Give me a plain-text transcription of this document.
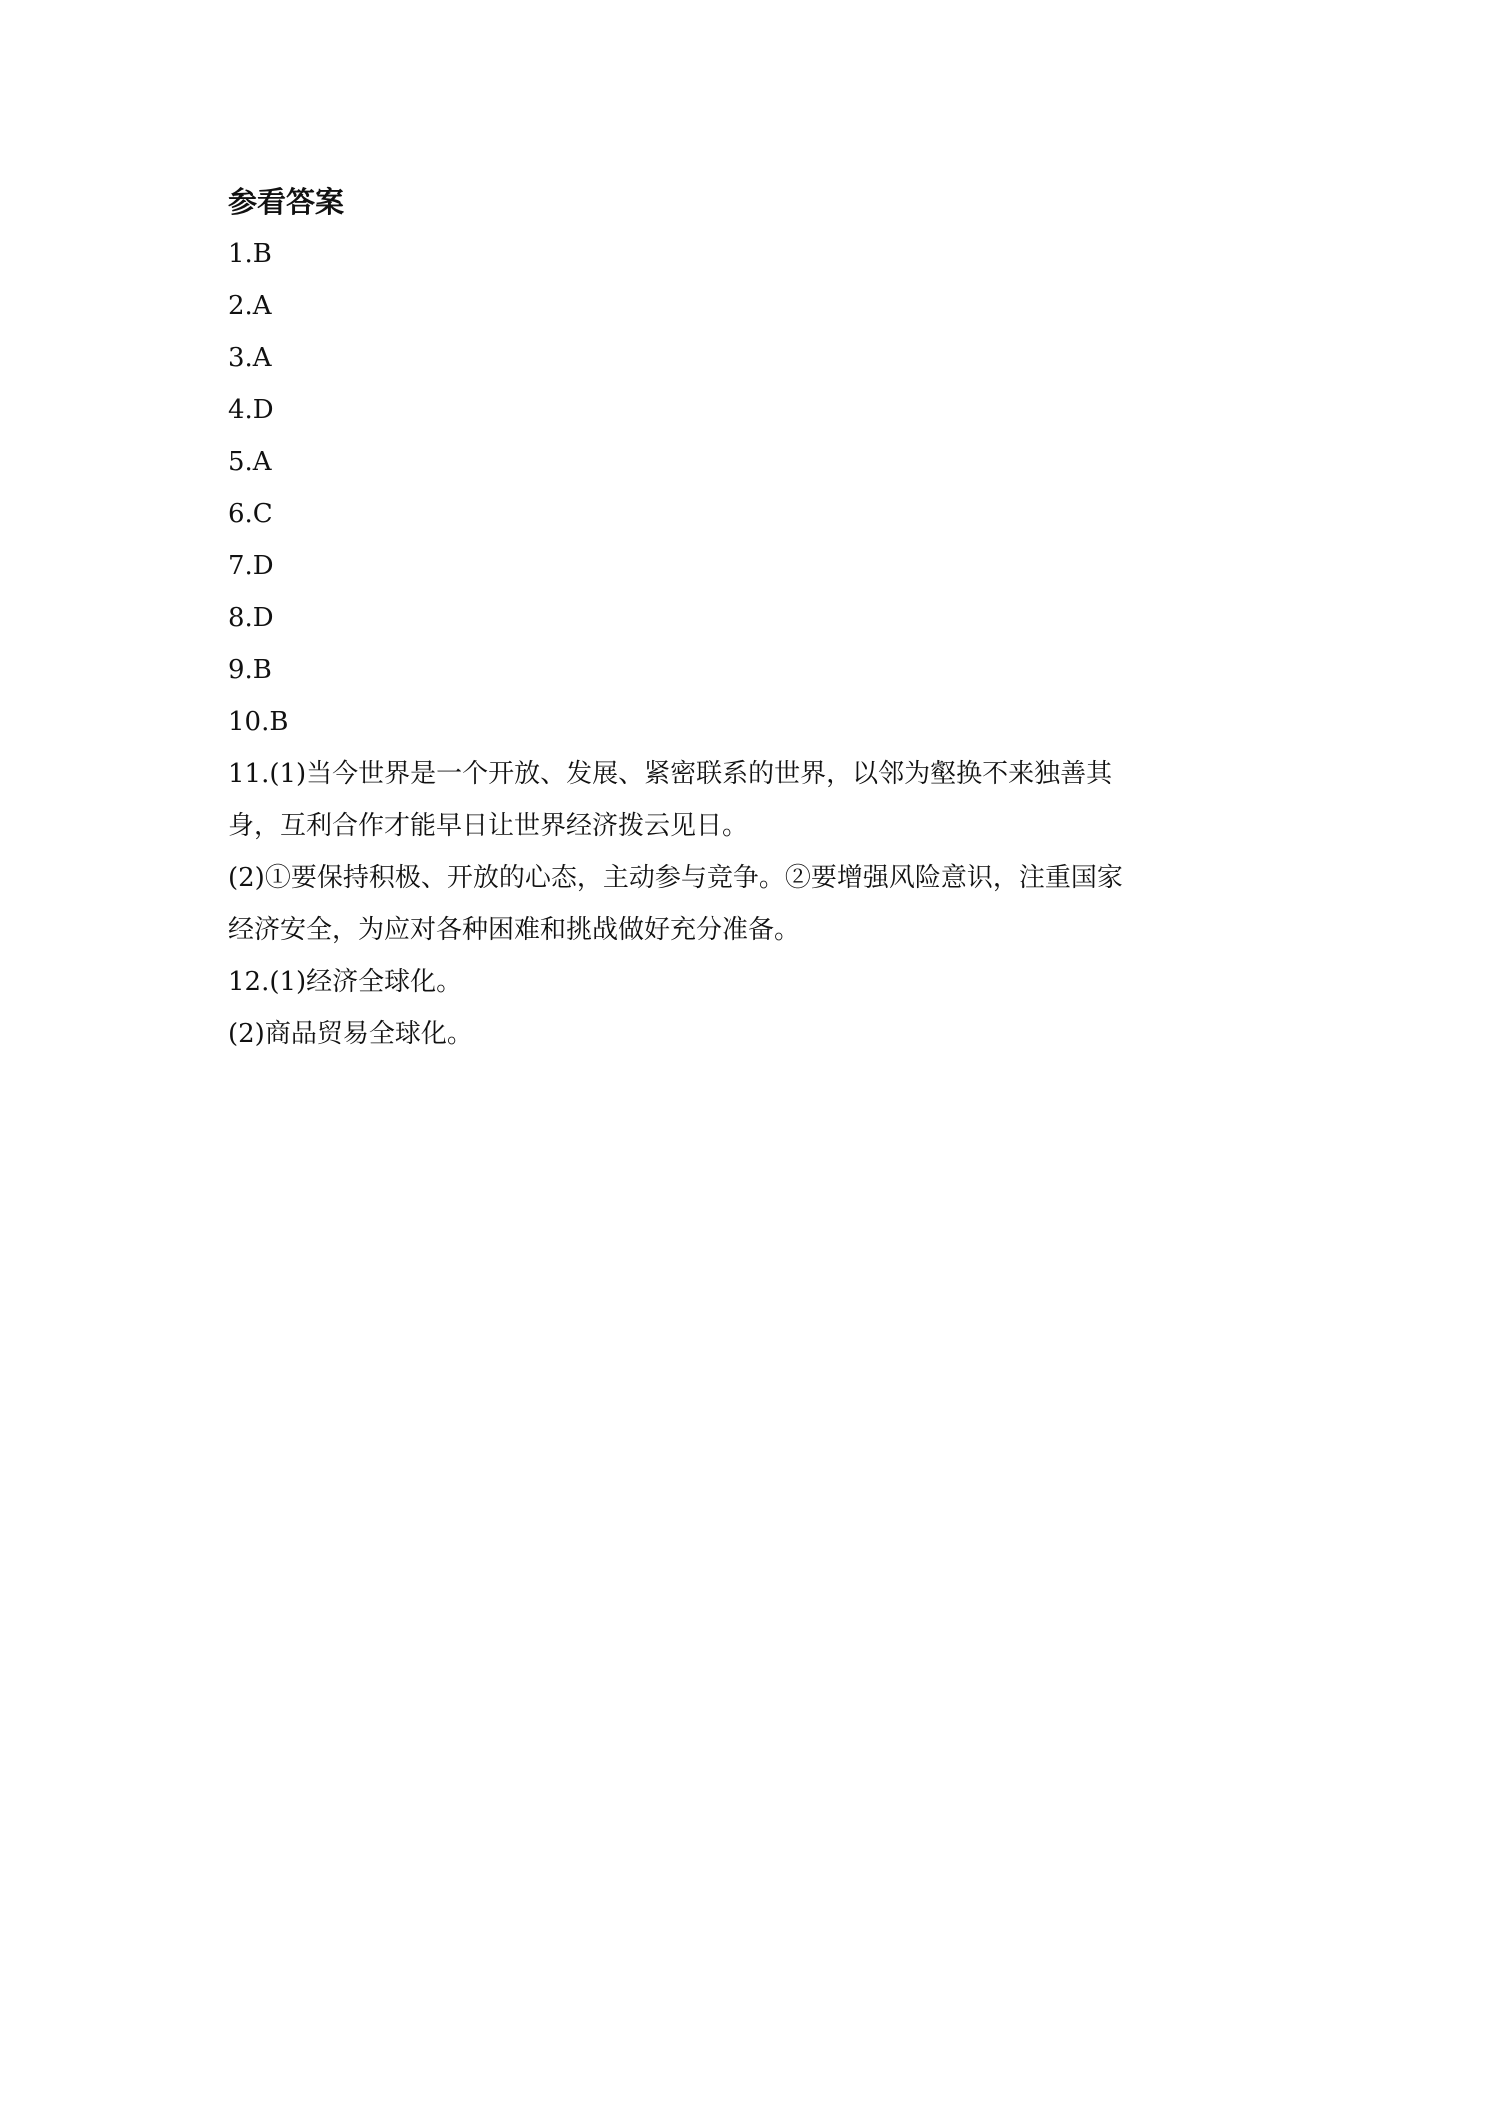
参看答案
1.B
2.A
3.A
4.D
5.A
6.C
7.D
8.D
9.B
10.B
11.(1)当今世界是一个开放、发展、紧密联系的世界，以邻为壑换不来独善其
身，互利合作才能早日让世界经济拨云见日。
(2)①要保持积极、开放的心态，主动参与竞争。②要增强风险意识，注重国家
经济安全，为应对各种困难和挑战做好充分准备。
12.(1)经济全球化。
(2)商品贸易全球化。
